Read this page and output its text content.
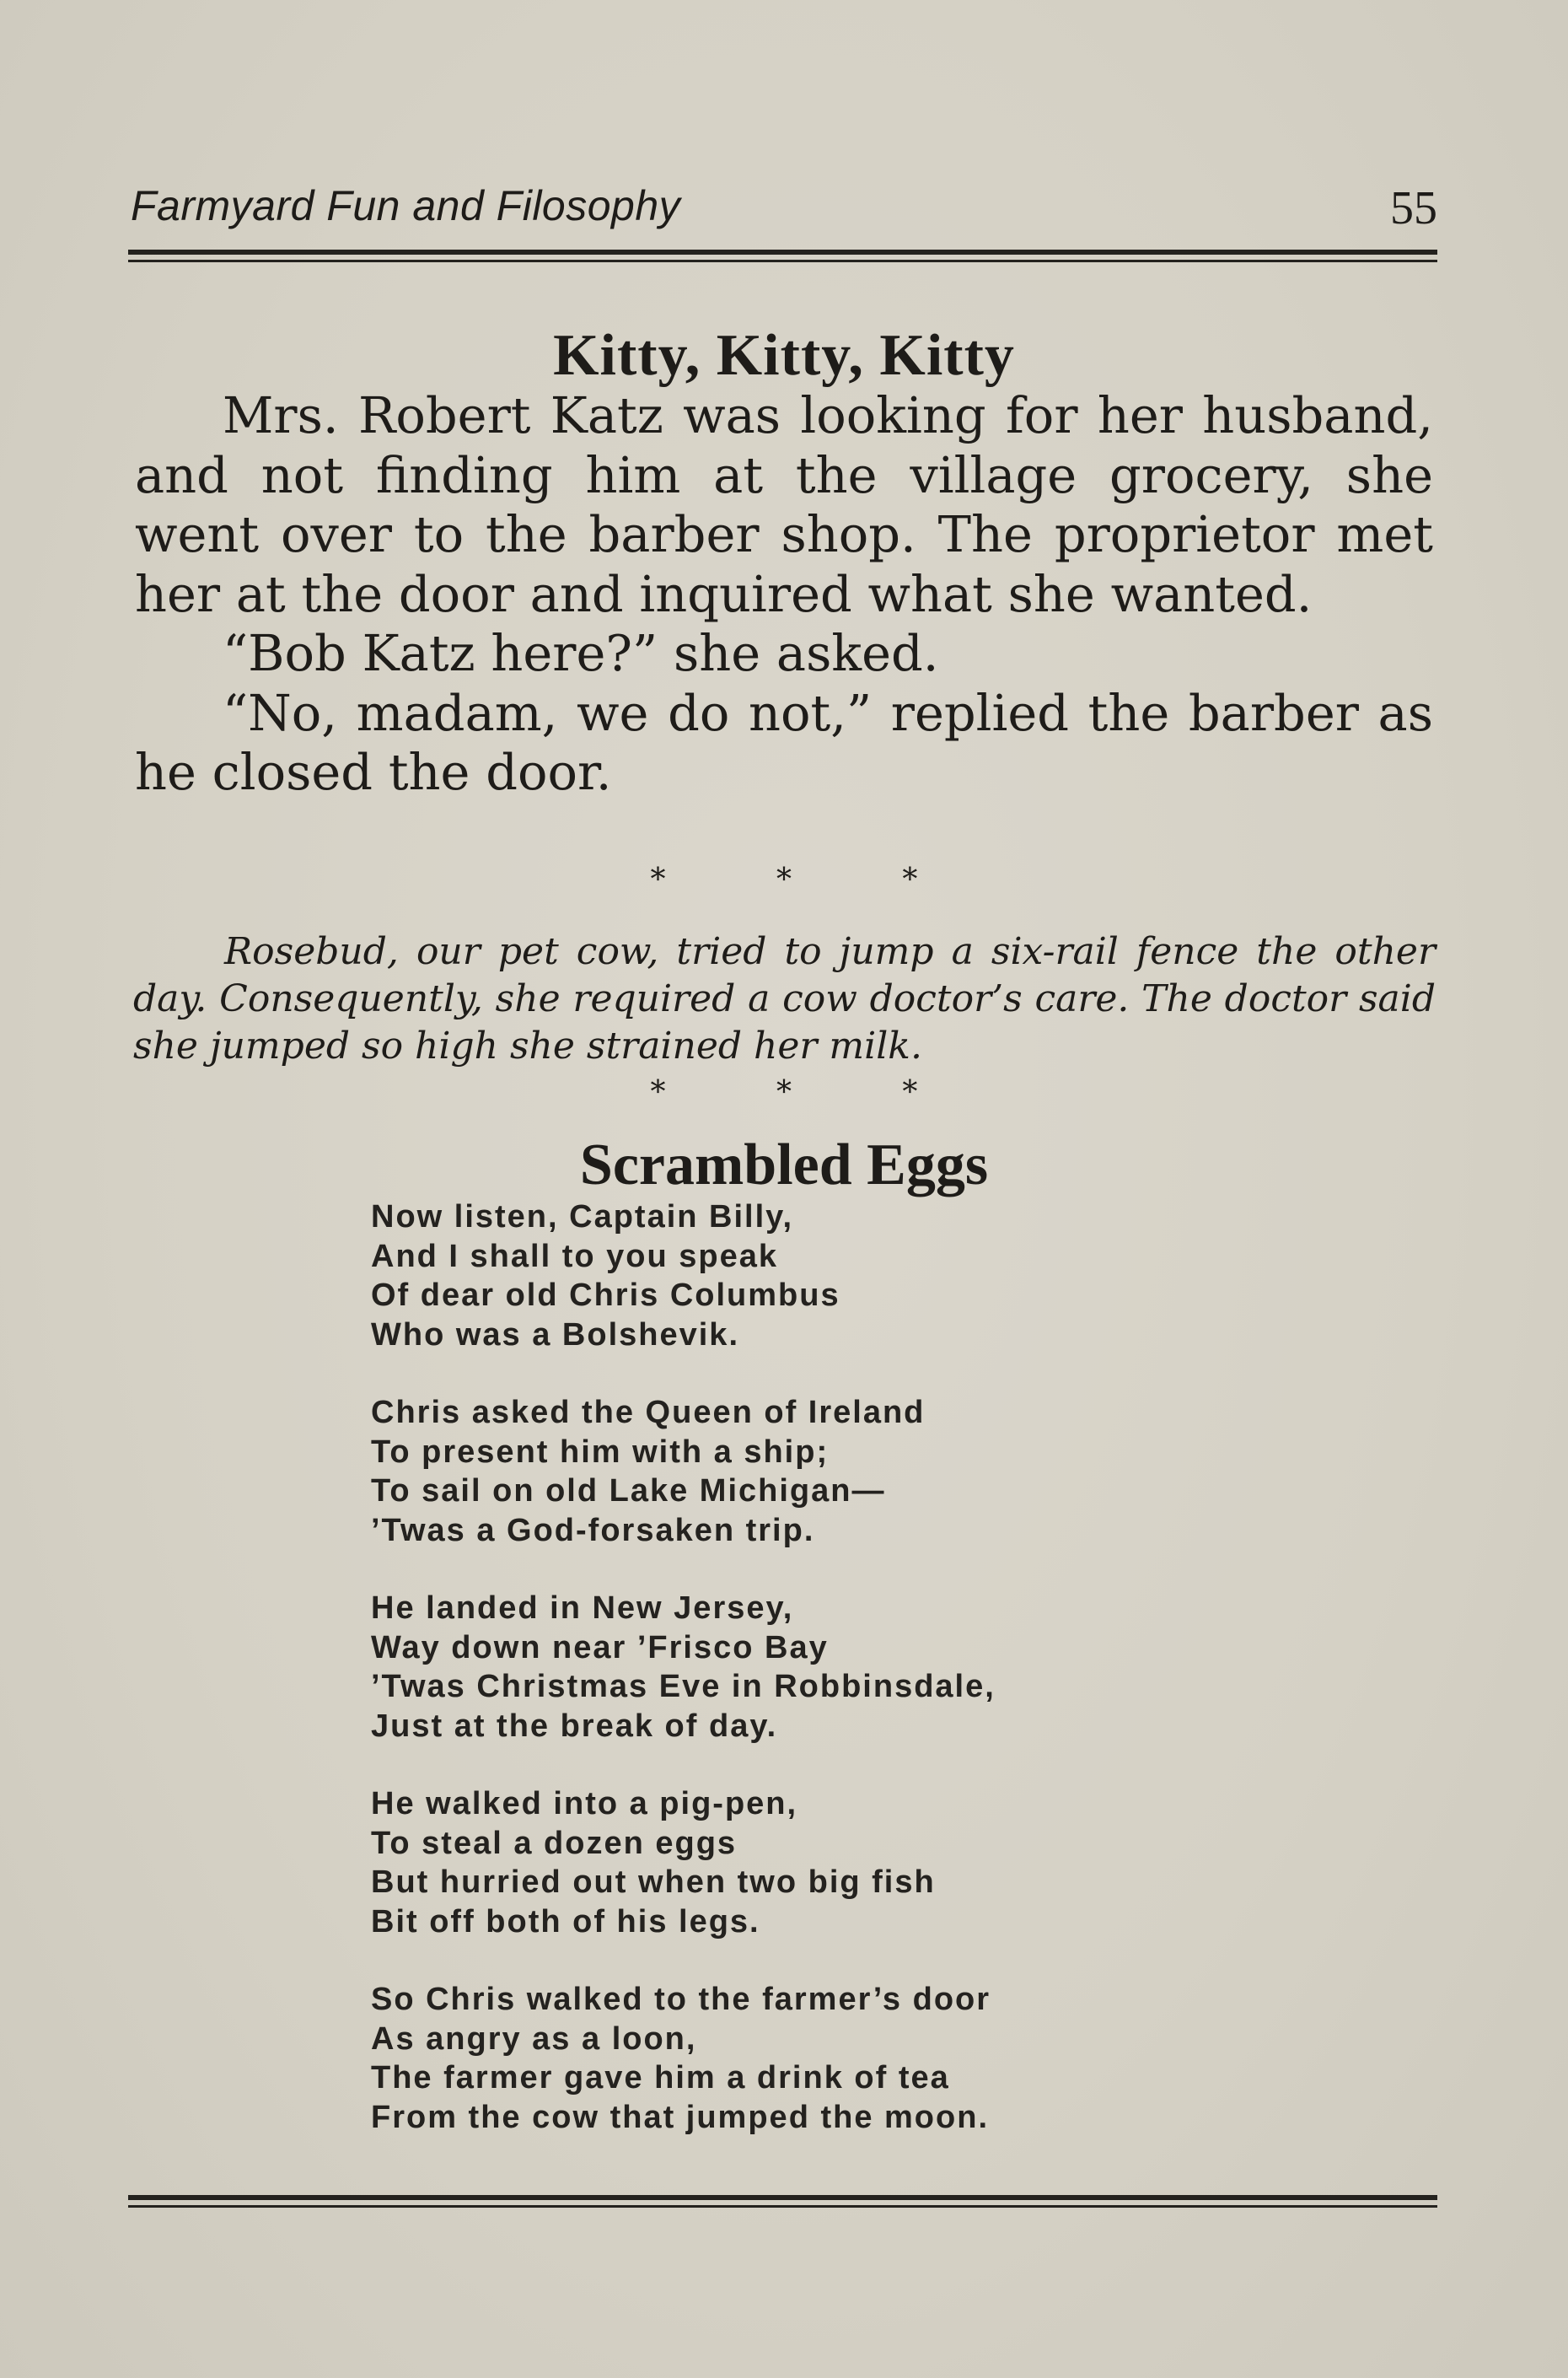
Farmyard Fun and Filosophy	55
Kitty, Kitty, Kitty

Mrs. Robert Katz was looking for her husband, and not finding him at the village grocery, she went over to the barber shop. The proprietor met her at the door and inquired what she wanted.

“Bob Katz here?” she asked.

“No, madam, we do not,” replied the barber as he closed the door.

* * *

Rosebud, our pet cow, tried to jump a six-rail fence the other day. Consequently, she required a cow doctor’s care. The doctor said she jumped so high she strained her milk.

* * *
Scrambled Eggs
Now listen, Captain Billy,
And I shall to you speak
Of dear old Chris Columbus
Who was a Bolshevik.
Chris asked the Queen of Ireland
To present him with a ship;
To sail on old Lake Michigan—
’Twas a God-forsaken trip.
He landed in New Jersey,
Way down near ’Frisco Bay
’Twas Christmas Eve in Robbinsdale,
Just at the break of day.
He walked into a pig-pen,
To steal a dozen eggs
But hurried out when two big fish
Bit off both of his legs.
So Chris walked to the farmer’s door
As angry as a loon,
The farmer gave him a drink of tea
From the cow that jumped the moon.
